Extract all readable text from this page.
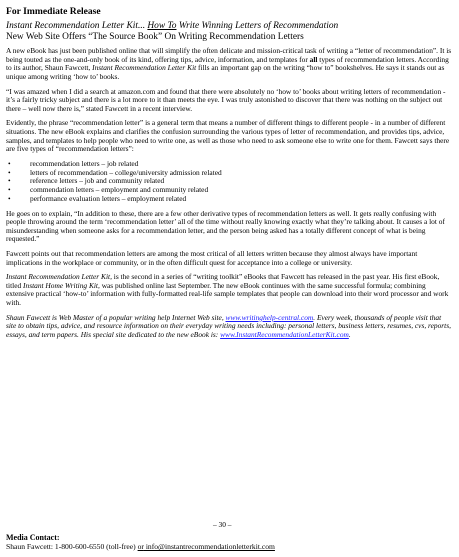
For Immediate Release
Instant Recommendation Letter Kit... How To Write Winning Letters of Recommendation
New Web Site Offers “The Source Book” On Writing Recommendation Letters

A new eBook has just been published online that will simplify the often delicate and mission-critical task of writing a “letter of recommendation”. It is being touted as the one-and-only book of its kind, offering tips, advice, information, and templates for all types of recommendation letters. According to its author, Shaun Fawcett, Instant Recommendation Letter Kit fills an important gap on the writing “how to” bookshelves. He says it stands out as unique among writing ‘how to’ books.

“I was amazed when I did a search at amazon.com and found that there were absolutely no ‘how to’ books about writing letters of recommendation - it’s a fairly tricky subject and there is a lot more to it than meets the eye. I was truly astonished to discover that there was nothing on the subject out there – well now there is,” stated Fawcett in a recent interview.

Evidently, the phrase “recommendation letter” is a general term that means a number of different things to different people - in a number of different situations. The new eBook explains and clarifies the confusion surrounding the various types of letter of recommendation, and provides tips, advice, samples, and templates to help people who need to write one, as well as those who need to ask someone else to write one for them. Fawcett says there are five types of “recommendation letters”:

• recommendation letters – job related
• letters of recommendation – college/university admission related
• reference letters – job and community related
• commendation letters – employment and community related
• performance evaluation letters – employment related

He goes on to explain, “In addition to these, there are a few other derivative types of recommendation letters as well. It gets really confusing with people throwing around the term ‘recommendation letter’ all of the time without really knowing exactly what they’re talking about. It causes a lot of misunderstanding when someone asks for a recommendation letter, and the person being asked has a totally different concept of what is being requested.”

Fawcett points out that recommendation letters are among the most critical of all letters written because they almost always have important implications in the workplace or community, or in the often difficult quest for acceptance into a college or university.

Instant Recommendation Letter Kit, is the second in a series of “writing toolkit” eBooks that Fawcett has released in the past year. His first eBook, titled Instant Home Writing Kit, was published online last September. The new eBook continues with the same successful formula; combining extensive practical ‘how-to’ information with fully-formatted real-life sample templates that people can download into their word processor and work with.

Shaun Fawcett is Web Master of a popular writing help Internet Web site, www.writinghelp-central.com. Every week, thousands of people visit that site to obtain tips, advice, and resource information on their everyday writing needs including: personal letters, business letters, resumes, cvs, reports, essays, and term papers. His special site dedicated to the new eBook is: www.InstantRecommendationLetterKit.com.

– 30 –
Media Contact:
Shaun Fawcett: 1-800-600-6550 (toll-free) or info@instantrecommendationletterkit.com
